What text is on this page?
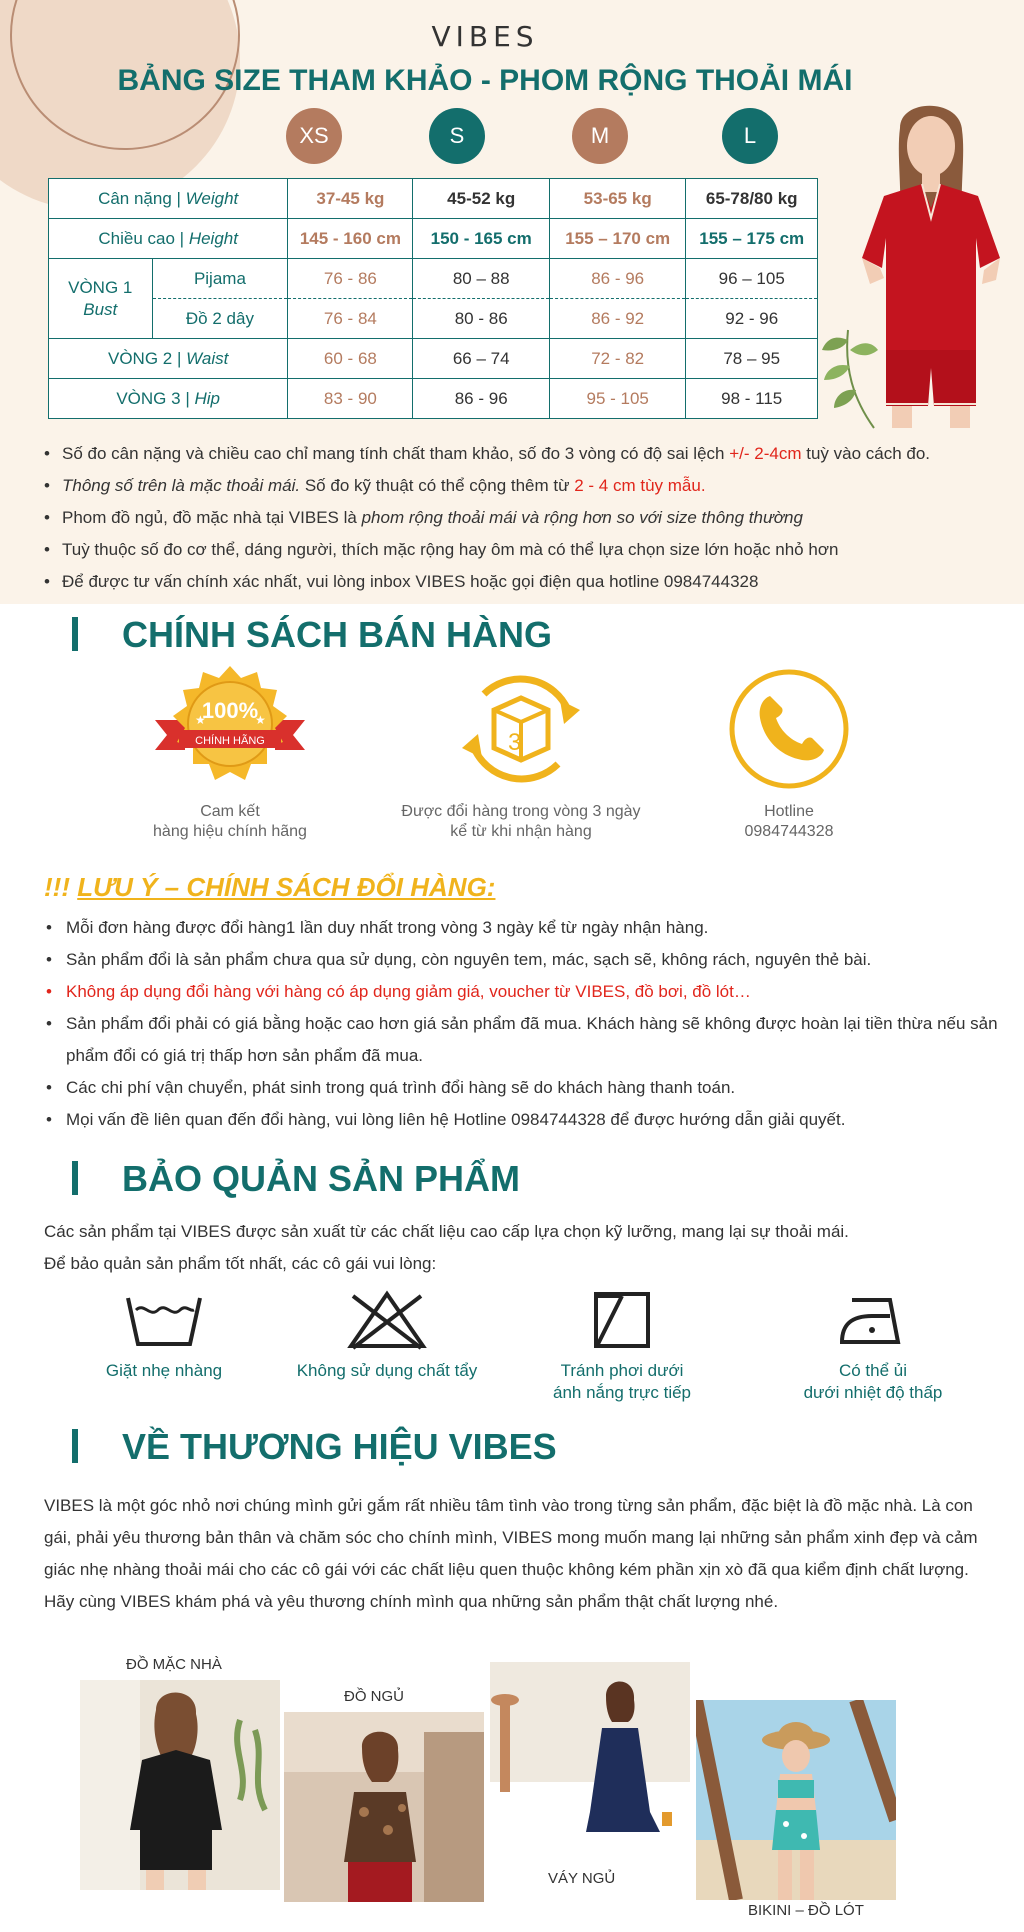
VIBES
BẢNG SIZE THAM KHẢO - PHOM RỘNG THOẢI MÁI
XS	S	M	L
Cân nặng | Weight		37-45 kg	45-52 kg	53-65 kg	65-78/80 kg
Chiều cao | Height		145 - 160 cm	150 - 165 cm	155 – 170 cm	155 – 175 cm
VÒNG 1
Bust	Pijama	76 - 86	80 – 88	86 - 96	96 – 105
	Đồ 2 dây	76 - 84	80 - 86	86 - 92	92 - 96
VÒNG 2 | Waist		60 - 68	66 – 74	72 - 82	78 – 95
VÒNG 3 | Hip		83 - 90	86 - 96	95 - 105	98 - 115
• Số đo cân nặng và chiều cao chỉ mang tính chất tham khảo, số đo 3 vòng có độ sai lệch +/- 2-4cm tuỳ vào cách đo.
• Thông số trên là mặc thoải mái. Số đo kỹ thuật có thể cộng thêm từ 2 - 4 cm tùy mẫu.
• Phom đồ ngủ, đồ mặc nhà tại VIBES là phom rộng thoải mái và rộng hơn so với size thông thường
• Tuỳ thuộc số đo cơ thể, dáng người, thích mặc rộng hay ôm mà có thể lựa chọn size lớn hoặc nhỏ hơn
• Để được tư vấn chính xác nhất, vui lòng inbox VIBES hoặc gọi điện qua hotline 0984744328
CHÍNH SÁCH BÁN HÀNG
100%
CHÍNH HÃNG
★	★
Cam kết
hàng hiệu chính hãng
3
Được đổi hàng trong vòng 3 ngày
kể từ khi nhận hàng
Hotline
0984744328
!!! LƯU Ý – CHÍNH SÁCH ĐỔI HÀNG:
• Mỗi đơn hàng được đổi hàng1 lần duy nhất trong vòng 3 ngày kể từ ngày nhận hàng.
• Sản phẩm đổi là sản phẩm chưa qua sử dụng, còn nguyên tem, mác, sạch sẽ, không rách, nguyên thẻ bài.
• Không áp dụng đổi hàng với hàng có áp dụng giảm giá, voucher từ VIBES, đồ bơi, đồ lót…
• Sản phẩm đổi phải có giá bằng hoặc cao hơn giá sản phẩm đã mua. Khách hàng sẽ không được hoàn lại tiền thừa nếu sản phẩm đổi có giá trị thấp hơn sản phẩm đã mua.
• Các chi phí vận chuyển, phát sinh trong quá trình đổi hàng sẽ do khách hàng thanh toán.
• Mọi vấn đề liên quan đến đổi hàng, vui lòng liên hệ Hotline 0984744328 để được hướng dẫn giải quyết.
BẢO QUẢN SẢN PHẨM
Các sản phẩm tại VIBES được sản xuất từ các chất liệu cao cấp lựa chọn kỹ lưỡng, mang lại sự thoải mái.
Để bảo quản sản phẩm tốt nhất, các cô gái vui lòng:
Giặt nhẹ nhàng	Không sử dụng chất tẩy	Tránh phơi dưới
ánh nắng trực tiếp
Có thể ủi
dưới nhiệt độ thấp
VỀ THƯƠNG HIỆU VIBES
VIBES là một góc nhỏ nơi chúng mình gửi gắm rất nhiều tâm tình vào trong từng sản phẩm, đặc biệt là đồ mặc nhà. Là con gái, phải yêu thương bản thân và chăm sóc cho chính mình, VIBES mong muốn mang lại những sản phẩm xinh đẹp và cảm giác nhẹ nhàng thoải mái cho các cô gái với các chất liệu quen thuộc không kém phần xịn xò đã qua kiểm định chất lượng.
Hãy cùng VIBES khám phá và yêu thương chính mình qua những sản phẩm thật chất lượng nhé.
ĐỒ MẶC NHÀ
ĐỒ NGỦ
VÁY NGỦ
BIKINI – ĐỒ LÓT
